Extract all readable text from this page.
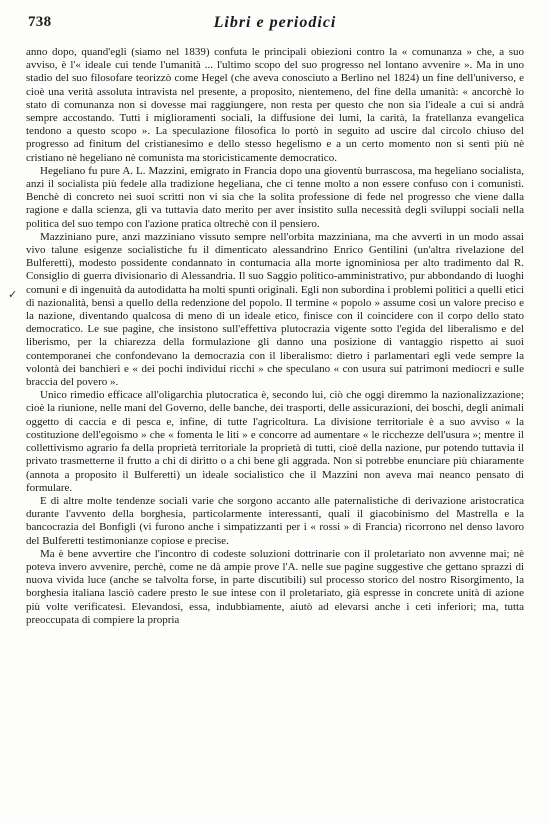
738	Libri e periodici
✓

anno dopo, quand'egli (siamo nel 1839) confuta le principali obiezioni contro la « comunanza » che, a suo avviso, è l'« ideale cui tende l'umanità ... l'ultimo scopo del suo progresso nel lontano avvenire ». Ma in uno stadio del suo filosofare teorizzò come Hegel (che aveva conosciuto a Berlino nel 1824) un fine dell'universo, e cioè una verità assoluta intravista nel presente, a proposito, nientemeno, del fine della umanità: « ancorchè lo stato di comunanza non si dovesse mai raggiungere, non resta per questo che non sia l'ideale a cui si andrà sempre accostando. Tutti i miglioramenti sociali, la diffusione dei lumi, la carità, la fratellanza evangelica tendono a questo scopo ». La speculazione filosofica lo portò in seguito ad uscire dal circolo chiuso del progresso ad finitum del cristianesimo e dello stesso hegelismo e a un certo momento non si sentì più nè cristiano nè hegeliano nè comunista ma storicisticamente democratico.

Hegeliano fu pure A. L. Mazzini, emigrato in Francia dopo una gioventù burrascosa, ma hegeliano socialista, anzi il socialista più fedele alla tradizione hegeliana, che ci tenne molto a non essere confuso con i comunisti. Benchè di concreto nei suoi scritti non vi sia che la solita professione di fede nel progresso che viene dalla ragione e dalla scienza, gli va tuttavia dato merito per aver insistito sulla necessità degli sviluppi sociali nella politica del suo tempo con l'azione pratica oltrechè con il pensiero.

Mazziniano pure, anzi mazziniano vissuto sempre nell'orbita mazziniana, ma che avvertì in un modo assai vivo talune esigenze socialistiche fu il dimenticato alessandrino Enrico Gentilini (un'altra rivelazione del Bulferetti), modesto possidente condannato in contumacia alla morte ignominiosa per alto tradimento dal R. Consiglio di guerra divisionario di Alessandria. Il suo Saggio politico-amministrativo, pur abbondando di luoghi comuni e di ingenuità da autodidatta ha molti spunti originali. Egli non subordina i problemi politici a quelli etici di nazionalità, bensì a quello della redenzione del popolo. Il termine « popolo » assume così un valore preciso e la nazione, diventando qualcosa di meno di un ideale etico, finisce con il coincidere con il corpo dello stato democratico. Le sue pagine, che insistono sull'effettiva plutocrazia vigente sotto l'egida del liberalismo e del liberismo, per la chiarezza della formulazione gli danno una posizione di vantaggio rispetto ai suoi contemporanei che confondevano la democrazia con il liberalismo: dietro i parlamentari egli vede sempre la volontà dei banchieri e « dei pochi individui ricchi » che speculano « con usura sui patrimoni mediocri e sulle braccia del povero ».

Unico rimedio efficace all'oligarchia plutocratica è, secondo lui, ciò che oggi diremmo la nazionalizzazione; cioè la riunione, nelle mani del Governo, delle banche, dei trasporti, delle assicurazioni, dei boschi, degli animali oggetto di caccia e di pesca e, infine, di tutte l'agricoltura. La divisione territoriale è a suo avviso « la costituzione dell'egoismo » che « fomenta le liti » e concorre ad aumentare « le ricchezze dell'usura »; mentre il collettivismo agrario fa della proprietà territoriale la proprietà di tutti, cioè della nazione, pur potendo tuttavia il privato trasmetterne il frutto a chi di diritto o a chi bene gli aggrada. Non si potrebbe enunciare più chiaramente (annota a proposito il Bulferetti) un ideale socialistico che il Mazzini non aveva mai neanco pensato di formulare.

E di altre molte tendenze sociali varie che sorgono accanto alle paternalistiche di derivazione aristocratica durante l'avvento della borghesia, particolarmente interessanti, quali il giacobinismo del Mastrella e la bancocrazia del Bonfigli (vi furono anche i simpatizzanti per i « rossi » di Francia) ricorrono nel denso lavoro del Bulferetti testimonianze copiose e precise.

Ma è bene avvertire che l'incontro di codeste soluzioni dottrinarie con il proletariato non avvenne mai; nè poteva invero avvenire, perchè, come ne dà ampie prove l'A. nelle sue pagine suggestive che gettano sprazzi di nuova vivida luce (anche se talvolta forse, in parte discutibili) sul processo storico del nostro Risorgimento, la borghesia italiana lasciò cadere presto le sue intese con il proletariato, già espresse in concrete unità di azione più volte verificatesi. Elevandosi, essa, indubbiamente, aiutò ad elevarsi anche i ceti inferiori; ma, tutta preoccupata di compiere la propria
